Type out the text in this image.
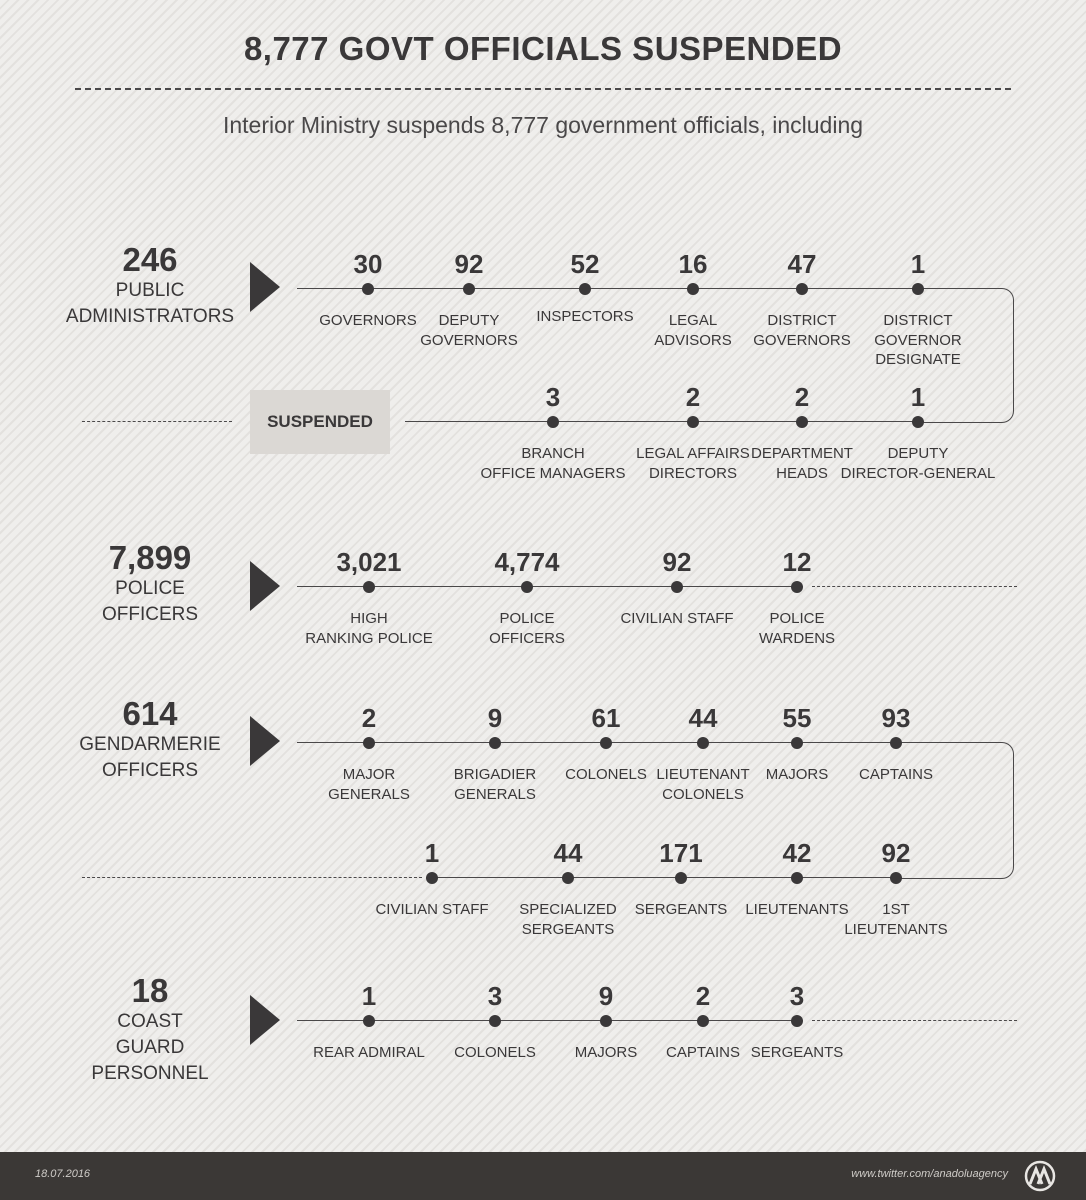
8,777 GOVT OFFICIALS SUSPENDED
Interior Ministry suspends 8,777 government officials, including
246
PUBLIC
ADMINISTRATORS
SUSPENDED
30
GOVERNORS
92
DEPUTY
GOVERNORS
52
INSPECTORS
16
LEGAL
ADVISORS
47
DISTRICT
GOVERNORS
1
DISTRICT
GOVERNOR
DESIGNATE
1
DEPUTY
DIRECTOR-GENERAL
2
DEPARTMENT
HEADS
2
LEGAL AFFAIRS
DIRECTORS
3
BRANCH
OFFICE MANAGERS
7,899
POLICE
OFFICERS
3,021
HIGH
RANKING POLICE
4,774
POLICE
OFFICERS
92
CIVILIAN STAFF
12
POLICE
WARDENS
614
GENDARMERIE
OFFICERS
2
MAJOR
GENERALS
9
BRIGADIER
GENERALS
61
COLONELS
44
LIEUTENANT
COLONELS
55
MAJORS
93
CAPTAINS
92
1ST
LIEUTENANTS
42
LIEUTENANTS
171
SERGEANTS
44
SPECIALIZED
SERGEANTS
1
CIVILIAN STAFF
18
COAST
GUARD
PERSONNEL
1
REAR ADMIRAL
3
COLONELS
9
MAJORS
2
CAPTAINS
3
SERGEANTS
18.07.2016	www.twitter.com/anadoluagency
